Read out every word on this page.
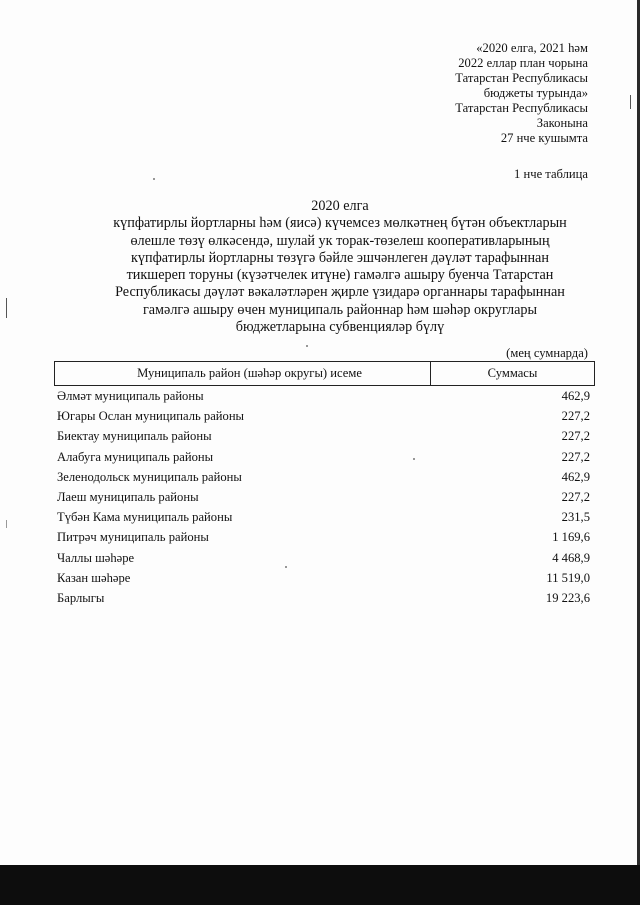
«2020 елга, 2021 һәм
2022 еллар план чорына
Татарстан Республикасы
бюджеты турында»
Татарстан Республикасы
Законына
27 нче кушымта
1 нче таблица
2020 елга
күпфатирлы йортларны һәм (яисә) күчемсез мөлкәтнең бүтән объектларын
өлешле төзү өлкәсендә, шулай ук торак-төзелеш кооперативларының
күпфатирлы йортларны төзүгә бәйле эшчәнлеген дәүләт тарафыннан
тикшереп торуны (күзәтчелек итүне) гамәлгә ашыру буенча Татарстан
Республикасы дәүләт вәкаләтләрен җирле үзидарә органнары тарафыннан
гамәлгә ашыру өчен муниципаль районнар һәм шәһәр округлары
бюджетларына субвенцияләр бүлү
(мең сумнарда)
Муниципаль район (шәһәр округы) исеме	Суммасы
Әлмәт муниципаль районы	462,9
Югары Ослан муниципаль районы	227,2
Биектау муниципаль районы	227,2
Алабуга муниципаль районы	227,2
Зеленодольск муниципаль районы	462,9
Лаеш муниципаль районы	227,2
Түбән Кама муниципаль районы	231,5
Питрәч муниципаль районы	1 169,6
Чаллы шәһәре	4 468,9
Казан шәһәре	11 519,0
Барлыгы	19 223,6
